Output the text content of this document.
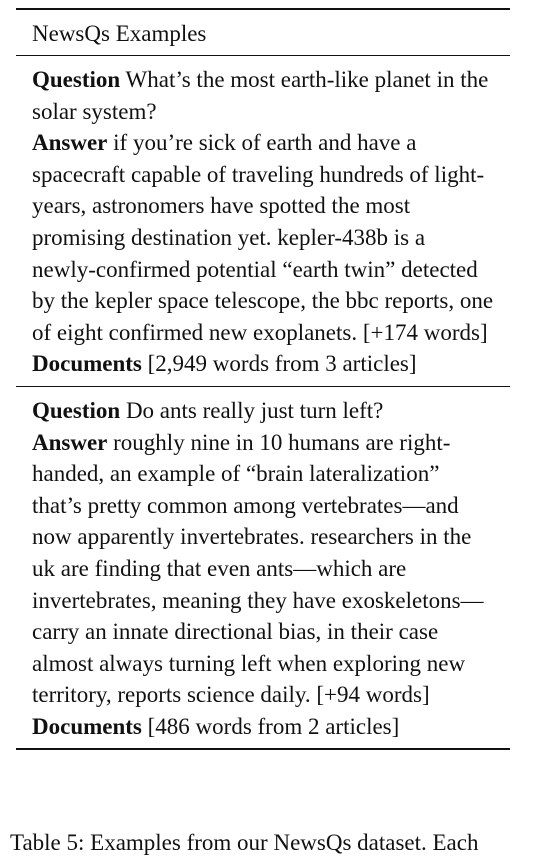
NewsQs Examples

Question What’s the most earth-like planet in the solar system?

Answer if you’re sick of earth and have a spacecraft capable of traveling hundreds of light-years, astronomers have spotted the most promising destination yet. kepler-438b is a newly-confirmed potential “earth twin” detected by the kepler space telescope, the bbc reports, one of eight confirmed new exoplanets. [+174 words]

Documents [2,949 words from 3 articles]

Question Do ants really just turn left?

Answer roughly nine in 10 humans are right-handed, an example of “brain lateralization” that’s pretty common among vertebrates—and now apparently invertebrates. researchers in the uk are finding that even ants—which are invertebrates, meaning they have exoskeletons—carry an innate directional bias, in their case almost always turning left when exploring new territory, reports science daily. [+94 words]

Documents [486 words from 2 articles]

Table 5: Examples from our NewsQs dataset. Each
